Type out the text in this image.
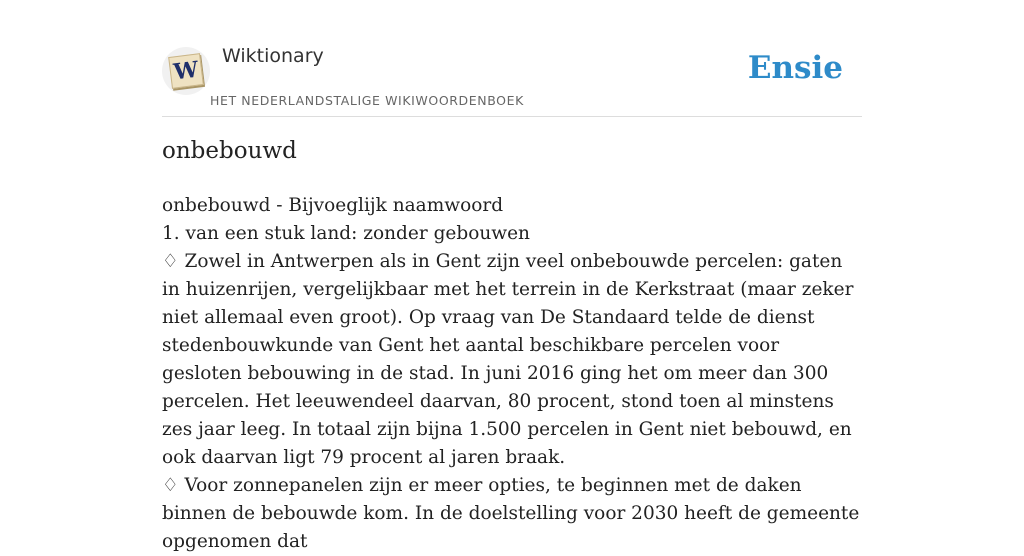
W
Wiktionary
HET NEDERLANDSTALIGE WIKIWOORDENBOEK
Ensie
onbebouwd

onbebouwd - Bijvoeglijk naamwoord

1. van een stuk land: zonder gebouwen

♢ Zowel in Antwerpen als in Gent zijn veel onbebouwde percelen: gaten in huizenrijen, vergelijkbaar met het terrein in de Kerkstraat (maar zeker niet allemaal even groot). Op vraag van De Standaard telde de dienst stedenbouwkunde van Gent het aantal beschikbare percelen voor gesloten bebouwing in de stad. In juni 2016 ging het om meer dan 300 percelen. Het leeuwendeel daarvan, 80 procent, stond toen al minstens zes jaar leeg. In totaal zijn bijna 1.500 percelen in Gent niet bebouwd, en ook daarvan ligt 79 procent al jaren braak.

♢ Voor zonnepanelen zijn er meer opties, te beginnen met de daken binnen de bebouwde kom. In de doelstelling voor 2030 heeft de gemeente opgenomen dat
